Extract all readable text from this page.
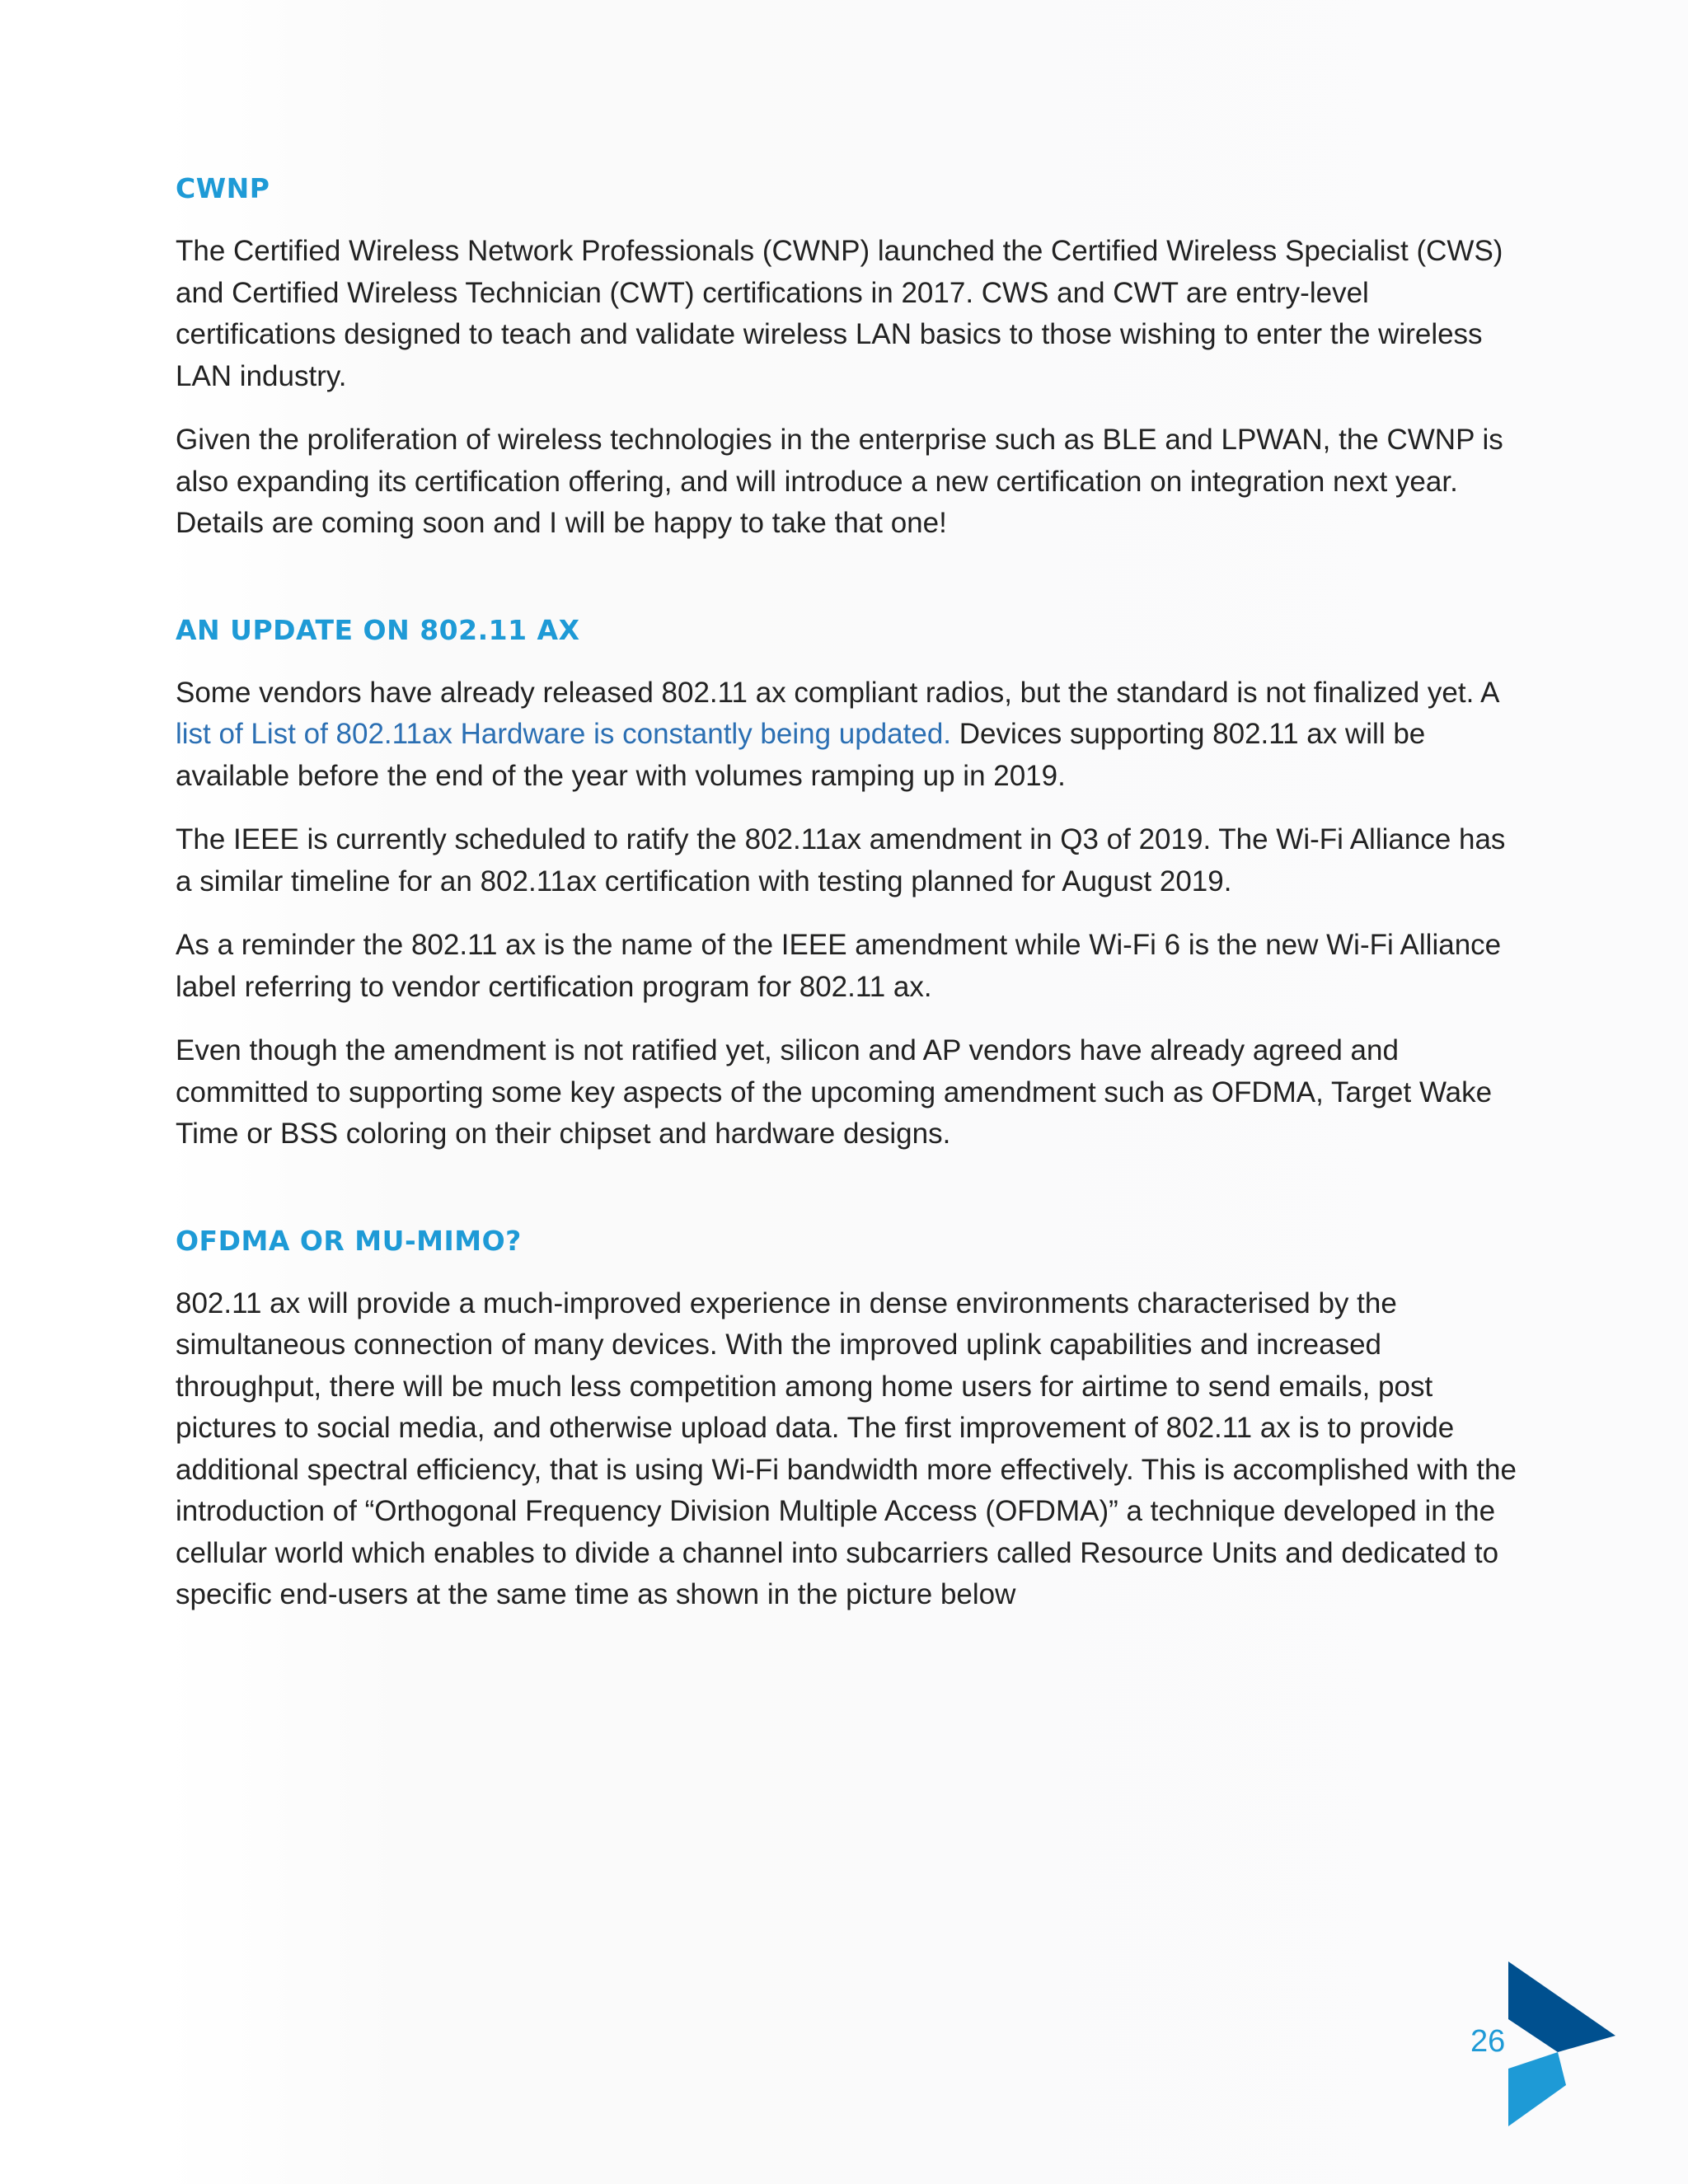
CWNP

The Certified Wireless Network Professionals (CWNP) launched the Certified Wireless Specialist (CWS) and Certified Wireless Technician (CWT) certifications in 2017. CWS and CWT are entry-level certifications designed to teach and validate wireless LAN basics to those wishing to enter the wireless LAN industry.

Given the proliferation of wireless technologies in the enterprise such as BLE and LPWAN, the CWNP is also expanding its certification offering, and will introduce a new certification on integration next year. Details are coming soon and I will be happy to take that one!

AN UPDATE ON 802.11 AX

Some vendors have already released 802.11 ax compliant radios, but the standard is not finalized yet. A list of List of 802.11ax Hardware is constantly being updated. Devices supporting 802.11 ax will be available before the end of the year with volumes ramping up in 2019.

The IEEE is currently scheduled to ratify the 802.11ax amendment in Q3 of 2019. The Wi-Fi Alliance has a similar timeline for an 802.11ax certification with testing planned for August 2019.

As a reminder the 802.11 ax is the name of the IEEE amendment while Wi-Fi 6 is the new Wi-Fi Alliance label referring to vendor certification program for 802.11 ax.

Even though the amendment is not ratified yet, silicon and AP vendors have already agreed and committed to supporting some key aspects of the upcoming amendment such as OFDMA, Target Wake Time or BSS coloring on their chipset and hardware designs.

OFDMA OR MU-MIMO?

802.11 ax will provide a much-improved experience in dense environments characterised by the simultaneous connection of many devices. With the improved uplink capabilities and increased throughput, there will be much less competition among home users for airtime to send emails, post pictures to social media, and otherwise upload data. The first improvement of 802.11 ax is to provide additional spectral efficiency, that is using Wi-Fi bandwidth more effectively. This is accomplished with the introduction of “Orthogonal Frequency Division Multiple Access (OFDMA)” a technique developed in the cellular world which enables to divide a channel into subcarriers called Resource Units and dedicated to specific end-users at the same time as shown in the picture below

26
